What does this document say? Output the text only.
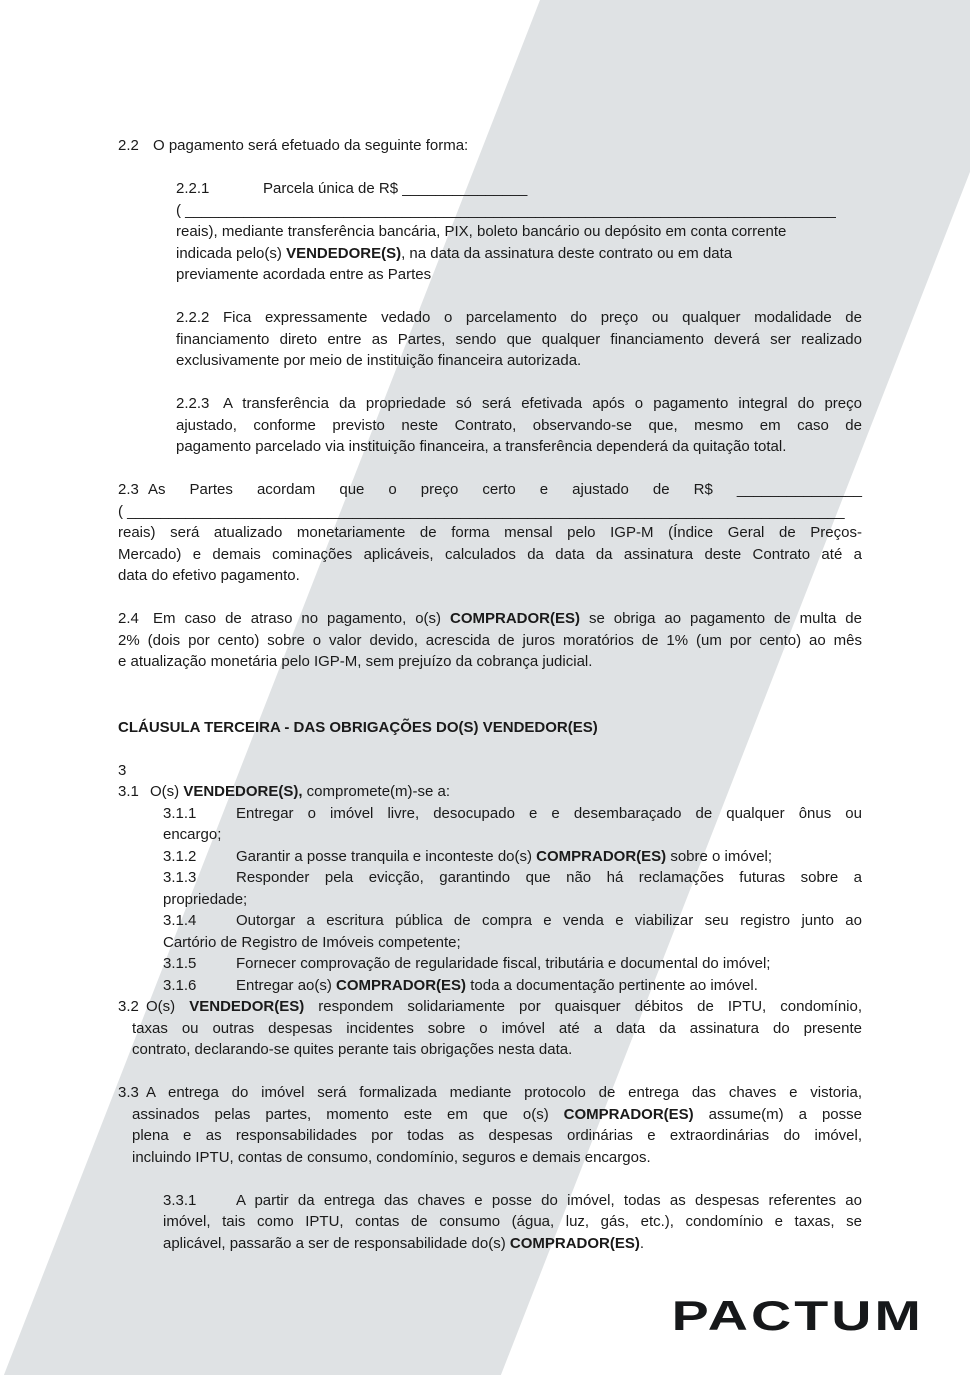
2.2 O pagamento será efetuado da seguinte forma:
2.2.1	Parcela única de R$ _______________
( ______________________________________________________________________________
reais), mediante transferência bancária, PIX, boleto bancário ou depósito em conta corrente
indicada pelo(s) VENDEDORE(S), na data da assinatura deste contrato ou em data
previamente acordada entre as Partes
2.2.2 Fica expressamente vedado o parcelamento do preço ou qualquer modalidade de
financiamento direto entre as Partes, sendo que qualquer financiamento deverá ser realizado
exclusivamente por meio de instituição financeira autorizada.
2.2.3 A transferência da propriedade só será efetivada após o pagamento integral do preço
ajustado, conforme previsto neste Contrato, observando-se que, mesmo em caso de
pagamento parcelado via instituição financeira, a transferência dependerá da quitação total.
2.3 As Partes acordam que o preço certo e ajustado de R$ _______________
( ______________________________________________________________________________________
reais) será atualizado monetariamente de forma mensal pelo IGP-M (Índice Geral de Preços-
Mercado) e demais cominações aplicáveis, calculados da data da assinatura deste Contrato até a
data do efetivo pagamento.
2.4 Em caso de atraso no pagamento, o(s) COMPRADOR(ES) se obriga ao pagamento de multa de
2% (dois por cento) sobre o valor devido, acrescida de juros moratórios de 1% (um por cento) ao mês
e atualização monetária pelo IGP-M, sem prejuízo da cobrança judicial.
CLÁUSULA TERCEIRA - DAS OBRIGAÇÕES DO(S) VENDEDOR(ES)
3
3.1 O(s) VENDEDORE(S), compromete(m)-se a:
3.1.1	Entregar o imóvel livre, desocupado e e desembaraçado de qualquer ônus ou
encargo;
3.1.2	Garantir a posse tranquila e inconteste do(s) COMPRADOR(ES) sobre o imóvel;
3.1.3	Responder pela evicção, garantindo que não há reclamações futuras sobre a
propriedade;
3.1.4	Outorgar a escritura pública de compra e venda e viabilizar seu registro junto ao
Cartório de Registro de Imóveis competente;
3.1.5	Fornecer comprovação de regularidade fiscal, tributária e documental do imóvel;
3.1.6	Entregar ao(s) COMPRADOR(ES) toda a documentação pertinente ao imóvel.
3.2 O(s) VENDEDOR(ES) respondem solidariamente por quaisquer débitos de IPTU, condomínio,
taxas ou outras despesas incidentes sobre o imóvel até a data da assinatura do presente
contrato, declarando-se quites perante tais obrigações nesta data.
3.3 A entrega do imóvel será formalizada mediante protocolo de entrega das chaves e vistoria,
assinados pelas partes, momento este em que o(s) COMPRADOR(ES) assume(m) a posse
plena e as responsabilidades por todas as despesas ordinárias e extraordinárias do imóvel,
incluindo IPTU, contas de consumo, condomínio, seguros e demais encargos.
3.3.1	A partir da entrega das chaves e posse do imóvel, todas as despesas referentes ao
imóvel, tais como IPTU, contas de consumo (água, luz, gás, etc.), condomínio e taxas, se
aplicável, passarão a ser de responsabilidade do(s) COMPRADOR(ES).
PACTUM
